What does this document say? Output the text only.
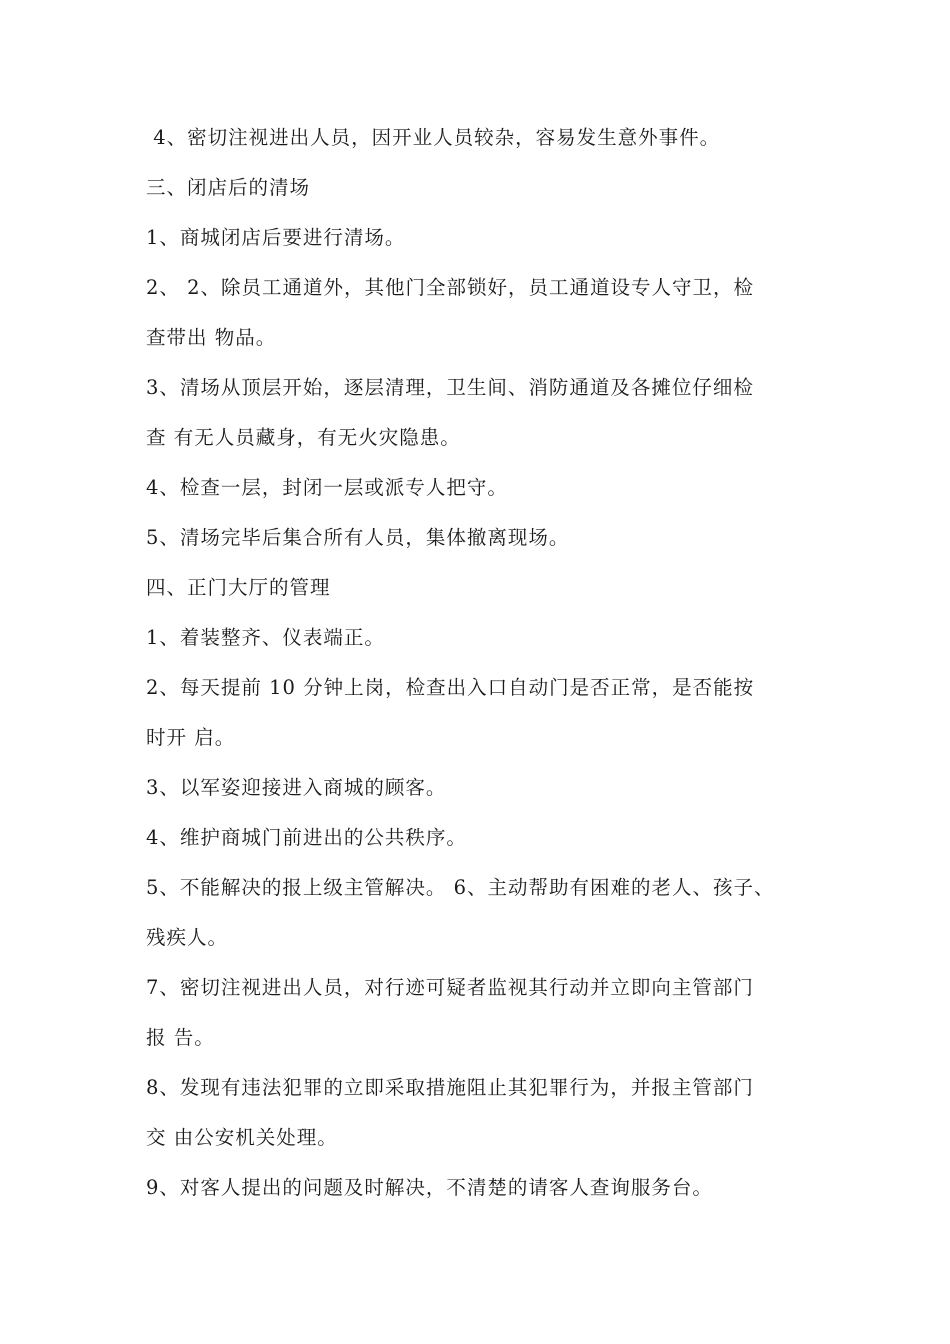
4、密切注视进出人员，因开业人员较杂，容易发生意外事件。
三、闭店后的清场
1、商城闭店后要进行清场。
2、 2、除员工通道外，其他门全部锁好，员工通道设专人守卫，检
查带出 物品。
3、清场从顶层开始，逐层清理，卫生间、消防通道及各摊位仔细检
查 有无人员藏身，有无火灾隐患。
4、检查一层，封闭一层或派专人把守。
5、清场完毕后集合所有人员，集体撤离现场。
四、正门大厅的管理
1、着装整齐、仪表端正。
2、每天提前 10 分钟上岗，检查出入口自动门是否正常，是否能按
时开 启。
3、以军姿迎接进入商城的顾客。
4、维护商城门前进出的公共秩序。
5、不能解决的报上级主管解决。 6、主动帮助有困难的老人、孩子、
残疾人。
7、密切注视进出人员，对行迹可疑者监视其行动并立即向主管部门
报 告。
8、发现有违法犯罪的立即采取措施阻止其犯罪行为，并报主管部门
交 由公安机关处理。
9、对客人提出的问题及时解决，不清楚的请客人查询服务台。
